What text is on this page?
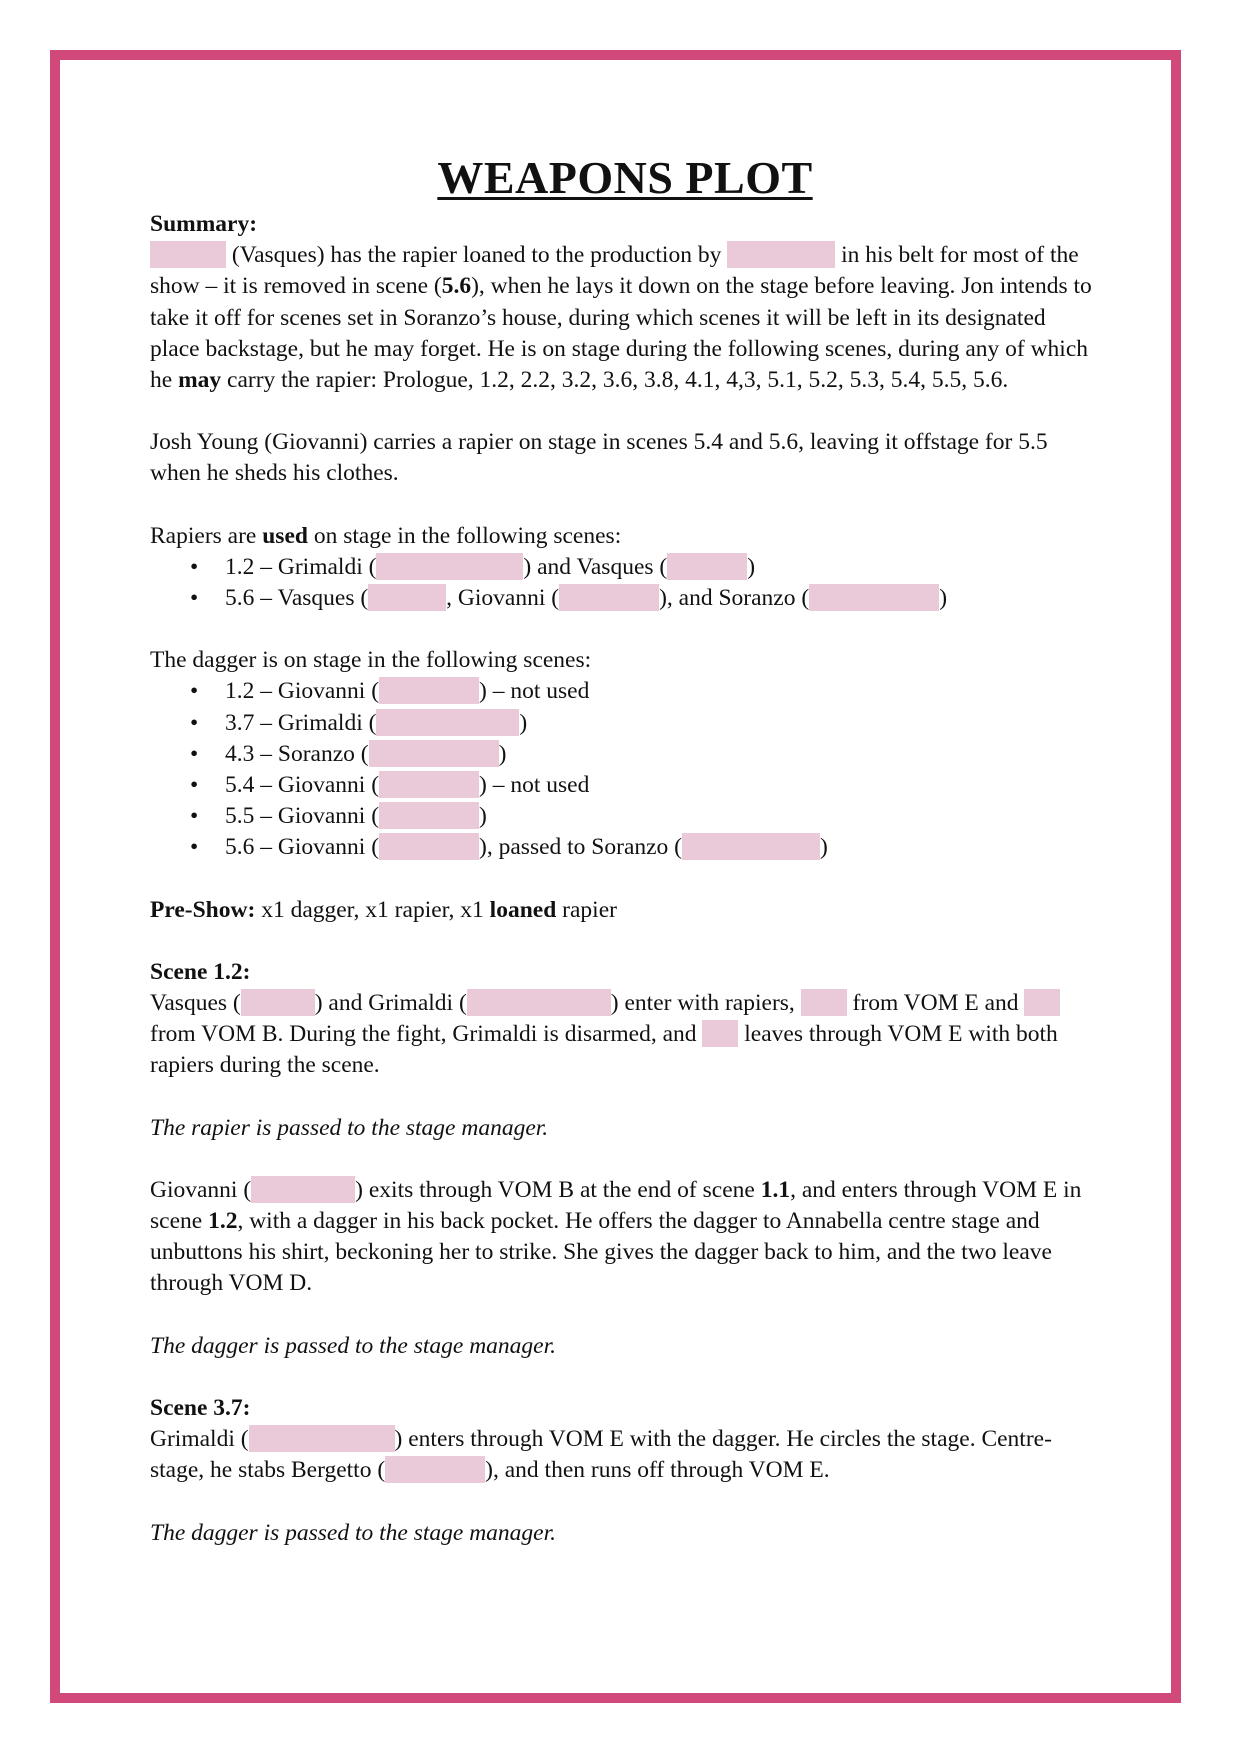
WEAPONS PLOT

Summary:

(Vasques) has the rapier loaned to the production by	in his belt for most of the show – it is removed in scene (5.6), when he lays it down on the stage before leaving. Jon intends to take it off for scenes set in Soranzo’s house, during which scenes it will be left in its designated place backstage, but he may forget. He is on stage during the following scenes, during any of which he may carry the rapier: Prologue, 1.2, 2.2, 3.2, 3.6, 3.8, 4.1, 4,3, 5.1, 5.2, 5.3, 5.4, 5.5, 5.6.

Josh Young (Giovanni) carries a rapier on stage in scenes 5.4 and 5.6, leaving it offstage for 5.5 when he sheds his clothes.

Rapiers are used on stage in the following scenes:

• 1.2 – Grimaldi (	) and Vasques (	)
• 5.6 – Vasques (	, Giovanni (	), and Soranzo (	)

The dagger is on stage in the following scenes:

• 1.2 – Giovanni (	) – not used
• 3.7 – Grimaldi (	)
• 4.3 – Soranzo (	)
• 5.4 – Giovanni (	) – not used
• 5.5 – Giovanni (	)
• 5.6 – Giovanni (	), passed to Soranzo (	)

Pre-Show: x1 dagger, x1 rapier, x1 loaned rapier

Scene 1.2:

Vasques (	) and Grimaldi (	) enter with rapiers, from VOM E and  from VOM B. During the fight, Grimaldi is disarmed, and leaves through VOM E with both rapiers during the scene.

The rapier is passed to the stage manager.

Giovanni (	) exits through VOM B at the end of scene 1.1, and enters through VOM E in scene 1.2, with a dagger in his back pocket. He offers the dagger to Annabella centre stage and unbuttons his shirt, beckoning her to strike. She gives the dagger back to him, and the two leave through VOM D.

The dagger is passed to the stage manager.

Scene 3.7:

Grimaldi (	) enters through VOM E with the dagger. He circles the stage. Centre-stage, he stabs Bergetto (	), and then runs off through VOM E.

The dagger is passed to the stage manager.
